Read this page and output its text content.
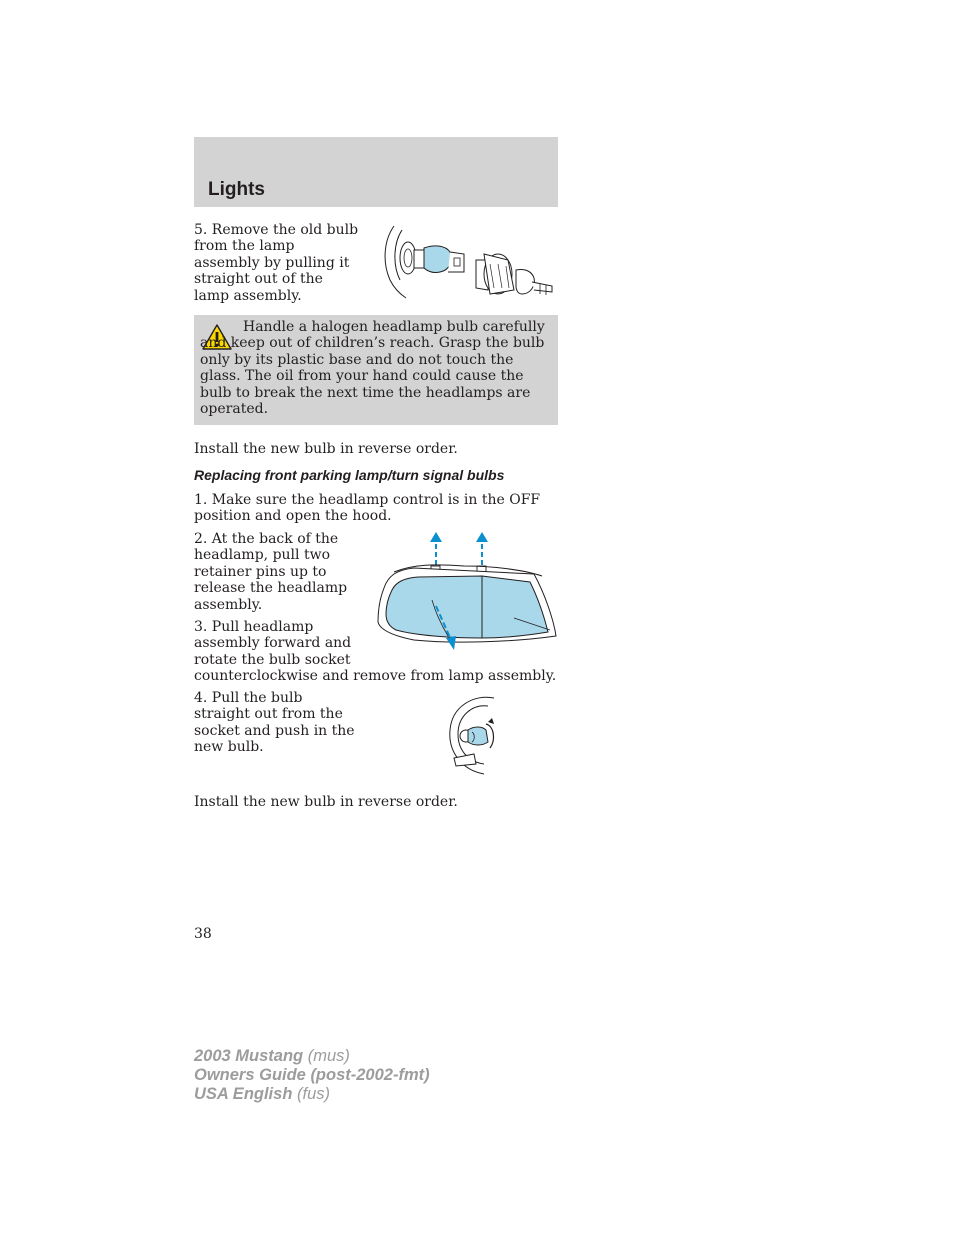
Lights
5. Remove the old bulb from the lamp assembly by pulling it straight out of the lamp assembly.
Handle a halogen headlamp bulb carefully and keep out of children’s reach. Grasp the bulb only by its plastic base and do not touch the glass. The oil from your hand could cause the bulb to break the next time the headlamps are operated.
Install the new bulb in reverse order.
Replacing front parking lamp/turn signal bulbs
1. Make sure the headlamp control is in the OFF position and open the hood.
2. At the back of the headlamp, pull two retainer pins up to release the headlamp assembly.
3. Pull headlamp assembly forward and rotate the bulb socket
counterclockwise and remove from lamp assembly.
4. Pull the bulb straight out from the socket and push in the new bulb.
Install the new bulb in reverse order.
38
2003 Mustang (mus)
Owners Guide (post-2002-fmt)
USA English (fus)
